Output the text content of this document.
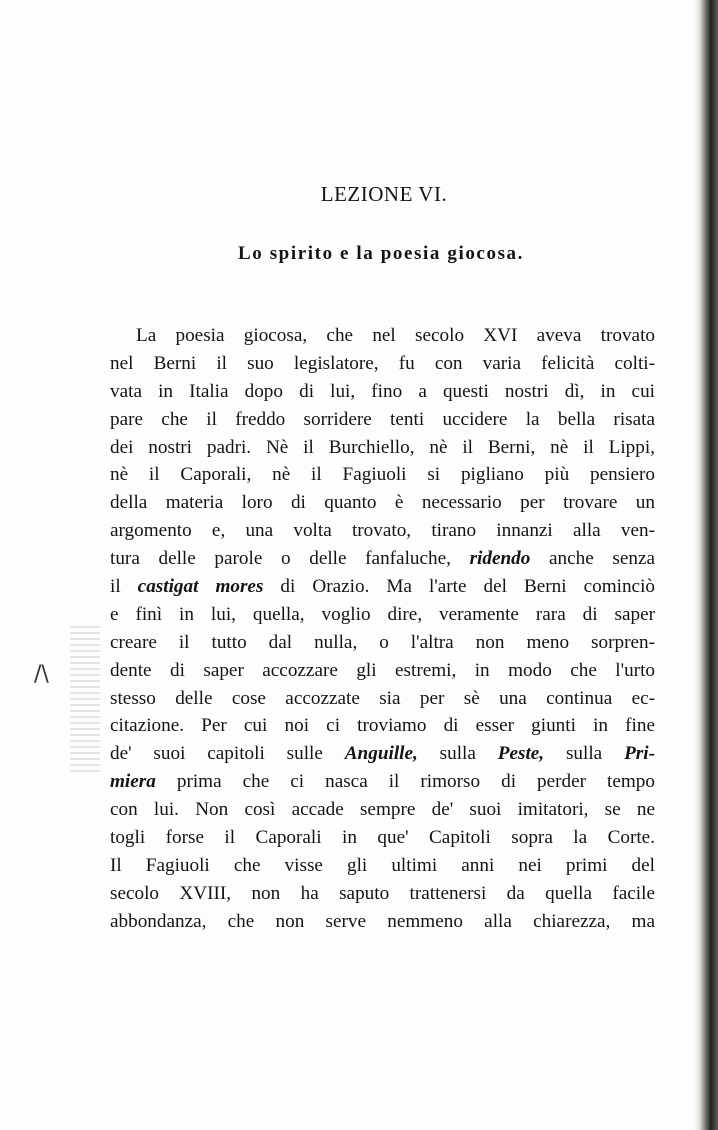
LEZIONE VI.
Lo spirito e la poesia giocosa.
/\
La poesia giocosa, che nel secolo XVI aveva trovato
nel Berni il suo legislatore, fu con varia felicità colti-
vata in Italia dopo di lui, fino a questi nostri dì, in cui
pare che il freddo sorridere tenti uccidere la bella risata
dei nostri padri. Nè il Burchiello, nè il Berni, nè il Lippi,
nè il Caporali, nè il Fagiuoli si pigliano più pensiero
della materia loro di quanto è necessario per trovare un
argomento e, una volta trovato, tirano innanzi alla ven-
tura delle parole o delle fanfaluche, ridendo anche senza
il castigat mores di Orazio. Ma l'arte del Berni cominciò
e finì in lui, quella, voglio dire, veramente rara di saper
creare il tutto dal nulla, o l'altra non meno sorpren-
dente di saper accozzare gli estremi, in modo che l'urto
stesso delle cose accozzate sia per sè una continua ec-
citazione. Per cui noi ci troviamo di esser giunti in fine
de' suoi capitoli sulle Anguille, sulla Peste, sulla Pri-
miera prima che ci nasca il rimorso di perder tempo
con lui. Non così accade sempre de' suoi imitatori, se ne
togli forse il Caporali in que' Capitoli sopra la Corte.
Il Fagiuoli che visse gli ultimi anni nei primi del
secolo XVIII, non ha saputo trattenersi da quella facile
abbondanza, che non serve nemmeno alla chiarezza, ma
